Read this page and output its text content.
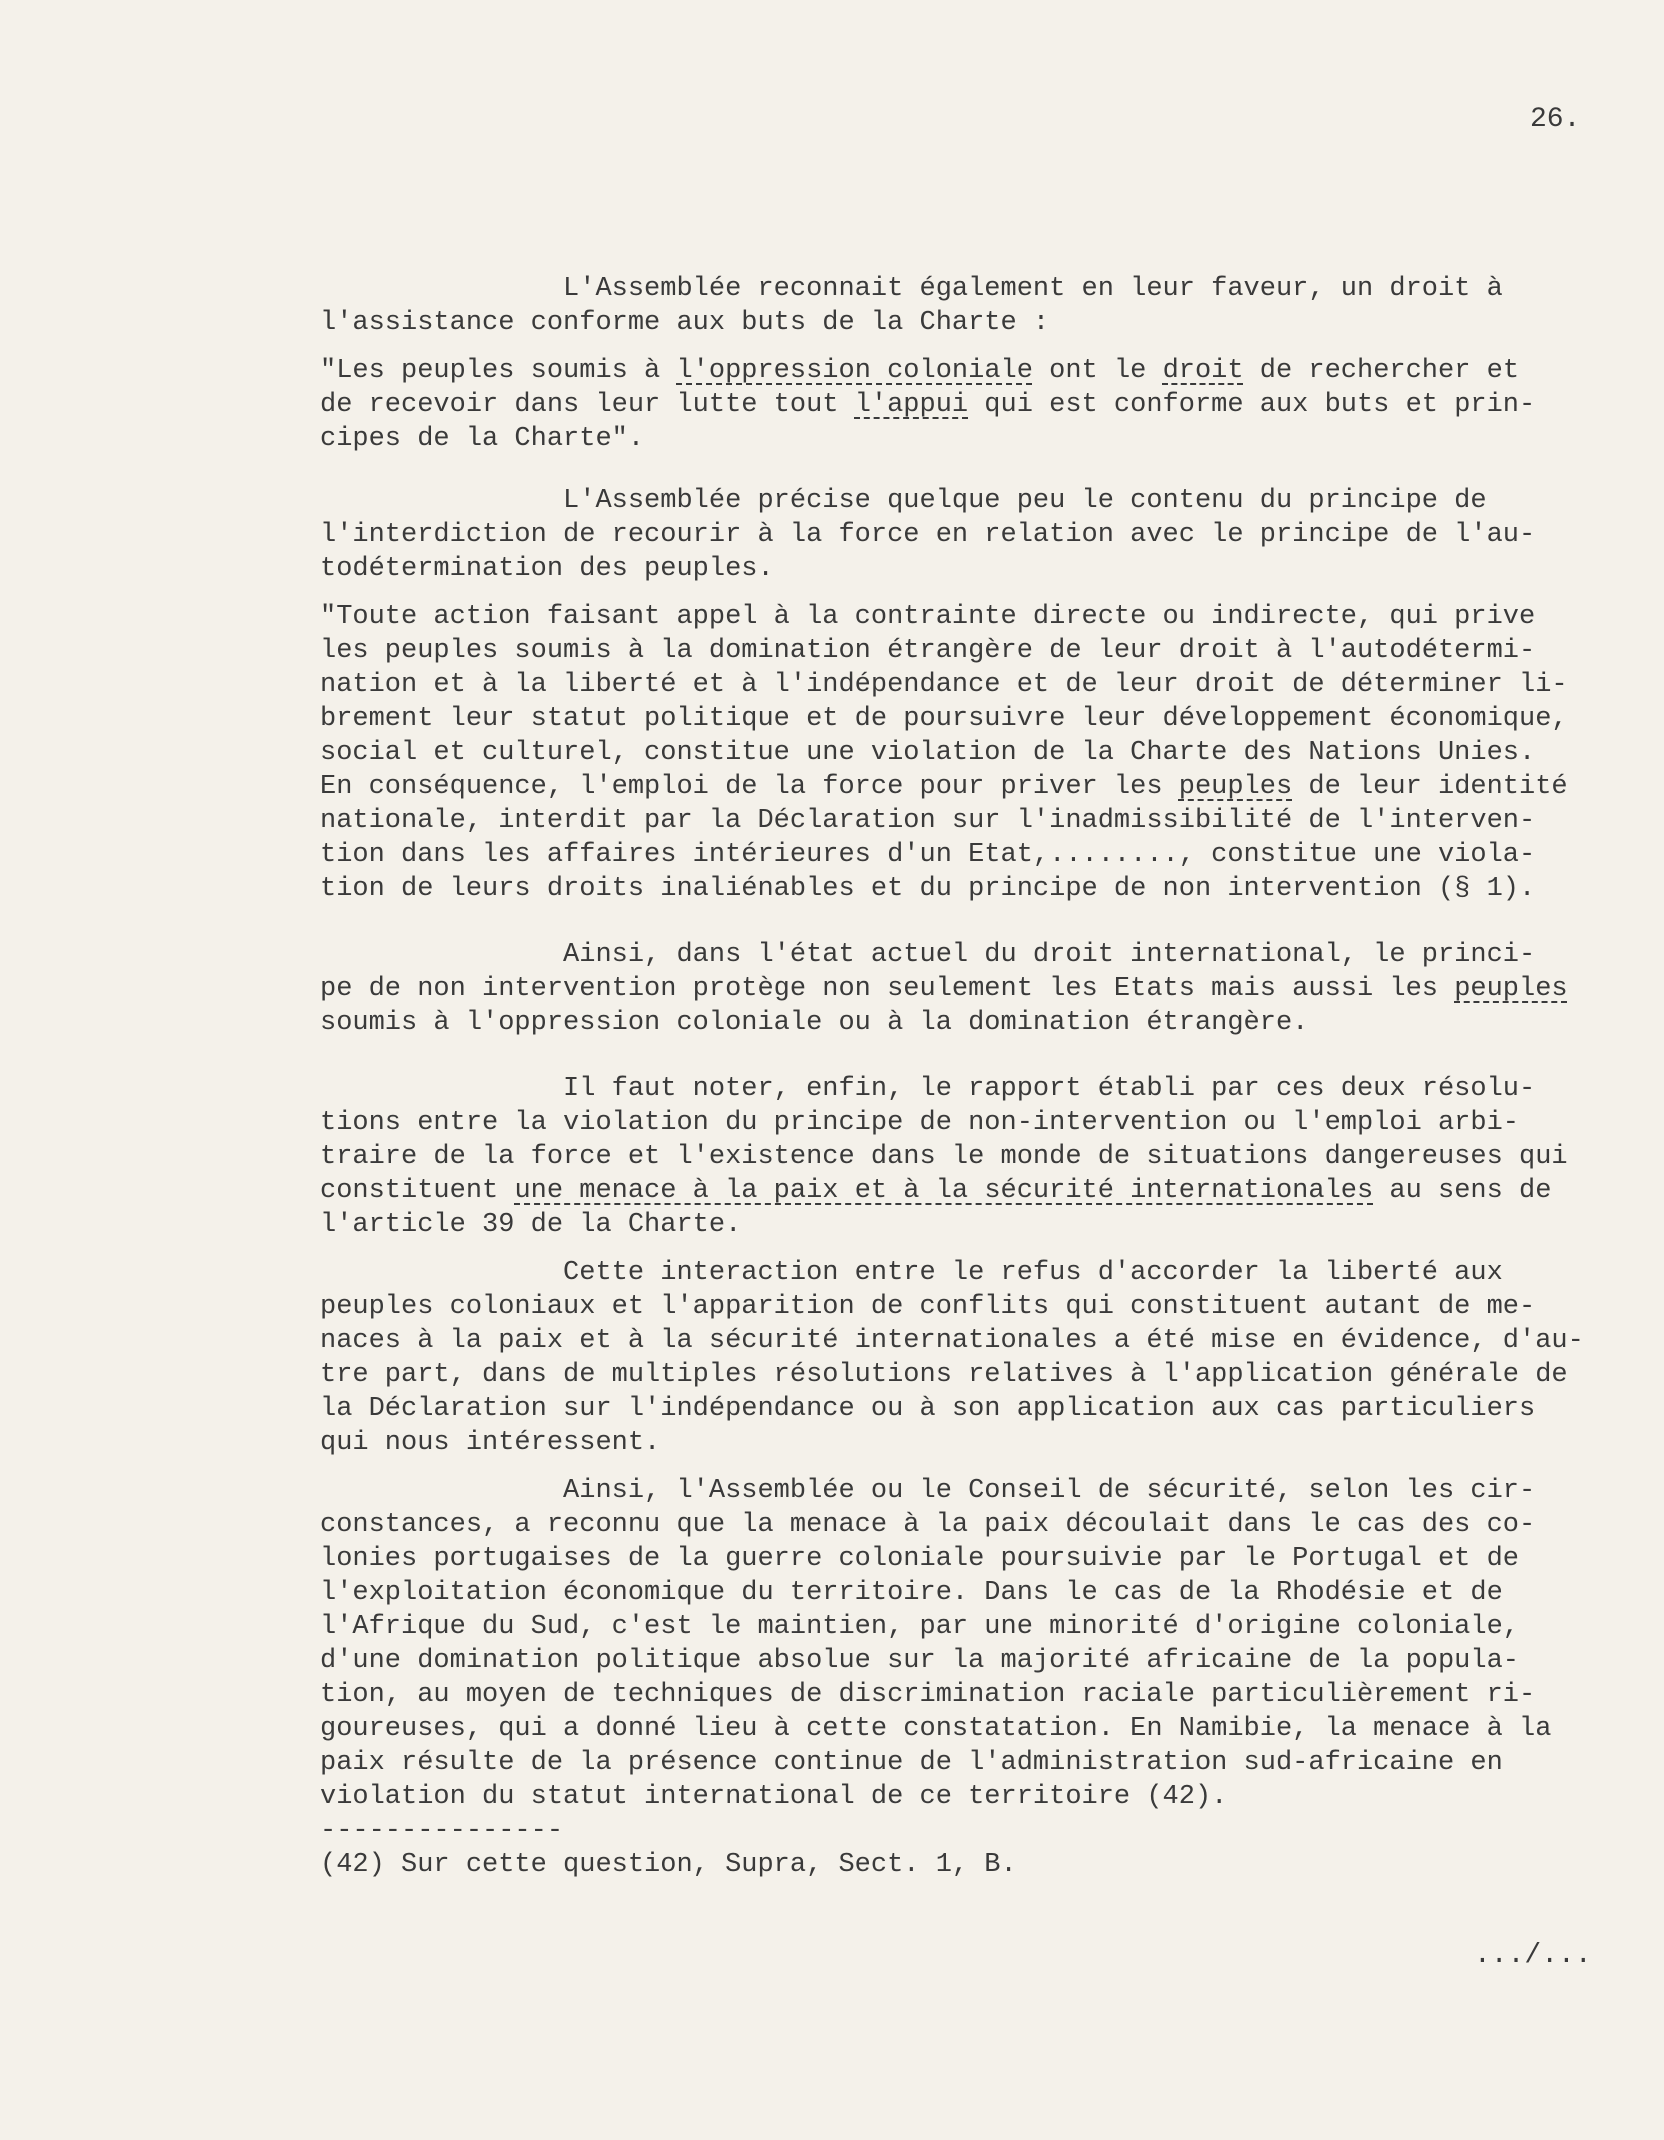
26.
L'Assemblée reconnait également en leur faveur, un droit à
l'assistance conforme aux buts de la Charte :
"Les peuples soumis à l'oppression coloniale ont le droit de rechercher et
de recevoir dans leur lutte tout l'appui qui est conforme aux buts et prin-
cipes de la Charte".
L'Assemblée précise quelque peu le contenu du principe de
l'interdiction de recourir à la force en relation avec le principe de l'au-
todétermination des peuples.
"Toute action faisant appel à la contrainte directe ou indirecte, qui prive
les peuples soumis à la domination étrangère de leur droit à l'autodétermi-
nation et à la liberté et à l'indépendance et de leur droit de déterminer li-
brement leur statut politique et de poursuivre leur développement économique,
social et culturel, constitue une violation de la Charte des Nations Unies.
En conséquence, l'emploi de la force pour priver les peuples de leur identité
nationale, interdit par la Déclaration sur l'inadmissibilité de l'interven-
tion dans les affaires intérieures d'un Etat,........, constitue une viola-
tion de leurs droits inaliénables et du principe de non intervention (§ 1).
Ainsi, dans l'état actuel du droit international, le princi-
pe de non intervention protège non seulement les Etats mais aussi les peuples
soumis à l'oppression coloniale ou à la domination étrangère.
Il faut noter, enfin, le rapport établi par ces deux résolu-
tions entre la violation du principe de non-intervention ou l'emploi arbi-
traire de la force et l'existence dans le monde de situations dangereuses qui
constituent une menace à la paix et à la sécurité internationales au sens de
l'article 39 de la Charte.
Cette interaction entre le refus d'accorder la liberté aux
peuples coloniaux et l'apparition de conflits qui constituent autant de me-
naces à la paix et à la sécurité internationales a été mise en évidence, d'au-
tre part, dans de multiples résolutions relatives à l'application générale de
la Déclaration sur l'indépendance ou à son application aux cas particuliers
qui nous intéressent.
Ainsi, l'Assemblée ou le Conseil de sécurité, selon les cir-
constances, a reconnu que la menace à la paix découlait dans le cas des co-
lonies portugaises de la guerre coloniale poursuivie par le Portugal et de
l'exploitation économique du territoire. Dans le cas de la Rhodésie et de
l'Afrique du Sud, c'est le maintien, par une minorité d'origine coloniale,
d'une domination politique absolue sur la majorité africaine de la popula-
tion, au moyen de techniques de discrimination raciale particulièrement ri-
goureuses, qui a donné lieu à cette constatation. En Namibie, la menace à la
paix résulte de la présence continue de l'administration sud-africaine en
violation du statut international de ce territoire (42).
---------------
(42) Sur cette question, Supra, Sect. 1, B.
.../...
